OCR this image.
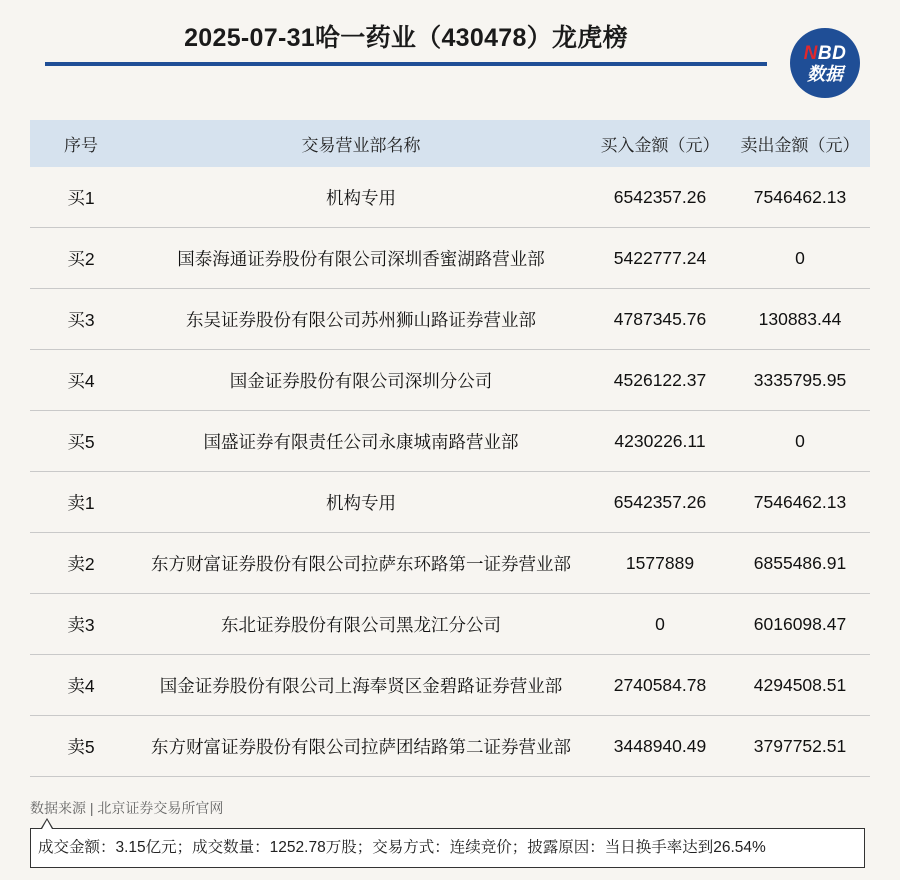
2025-07-31哈一药业（430478）龙虎榜
NBD
数据
序号	交易营业部名称	买入金额（元）	卖出金额（元）
买1	机构专用	6542357.26	7546462.13
买2	国泰海通证券股份有限公司深圳香蜜湖路营业部	5422777.24	0
买3	东吴证券股份有限公司苏州狮山路证券营业部	4787345.76	130883.44
买4	国金证券股份有限公司深圳分公司	4526122.37	3335795.95
买5	国盛证券有限责任公司永康城南路营业部	4230226.11	0
卖1	机构专用	6542357.26	7546462.13
卖2	东方财富证券股份有限公司拉萨东环路第一证券营业部	1577889	6855486.91
卖3	东北证券股份有限公司黑龙江分公司	0	6016098.47
卖4	国金证券股份有限公司上海奉贤区金碧路证券营业部	2740584.78	4294508.51
卖5	东方财富证券股份有限公司拉萨团结路第二证券营业部	3448940.49	3797752.51
数据来源 | 北京证券交易所官网
成交金额：3.15亿元；成交数量：1252.78万股；交易方式：连续竞价；披露原因：当日换手率达到26.54%
